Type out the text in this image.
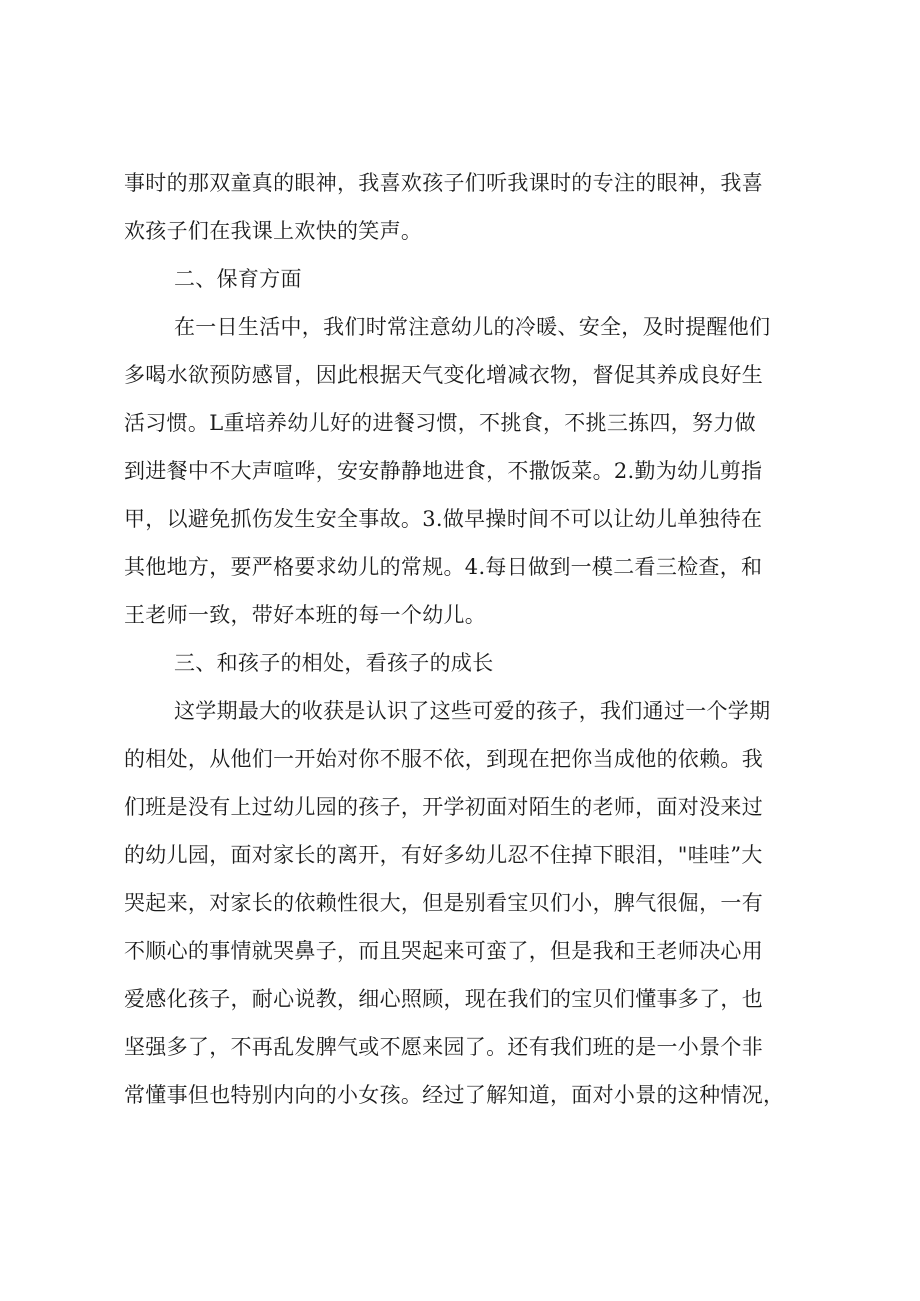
事时的那双童真的眼神，我喜欢孩子们听我课时的专注的眼神，我喜
欢孩子们在我课上欢快的笑声。
二、保育方面
在一日生活中，我们时常注意幼儿的冷暖、安全，及时提醒他们
多喝水欲预防感冒，因此根据天气变化增减衣物，督促其养成良好生
活习惯。L重培养幼儿好的进餐习惯，不挑食，不挑三拣四，努力做
到进餐中不大声喧哗，安安静静地进食，不撒饭菜。2.勤为幼儿剪指
甲，以避免抓伤发生安全事故。3.做早操时间不可以让幼儿单独待在
其他地方，要严格要求幼儿的常规。4.每日做到一模二看三检查，和
王老师一致，带好本班的每一个幼儿。
三、和孩子的相处，看孩子的成长
这学期最大的收获是认识了这些可爱的孩子，我们通过一个学期
的相处，从他们一开始对你不服不依，到现在把你当成他的依赖。我
们班是没有上过幼儿园的孩子，开学初面对陌生的老师，面对没来过
的幼儿园，面对家长的离开，有好多幼儿忍不住掉下眼泪，"哇哇”大
哭起来，对家长的依赖性很大，但是别看宝贝们小，脾气很倔，一有
不顺心的事情就哭鼻子，而且哭起来可蛮了，但是我和王老师决心用
爱感化孩子，耐心说教，细心照顾，现在我们的宝贝们懂事多了，也
坚强多了，不再乱发脾气或不愿来园了。还有我们班的是一小景个非
常懂事但也特别内向的小女孩。经过了解知道，面对小景的这种情况，
